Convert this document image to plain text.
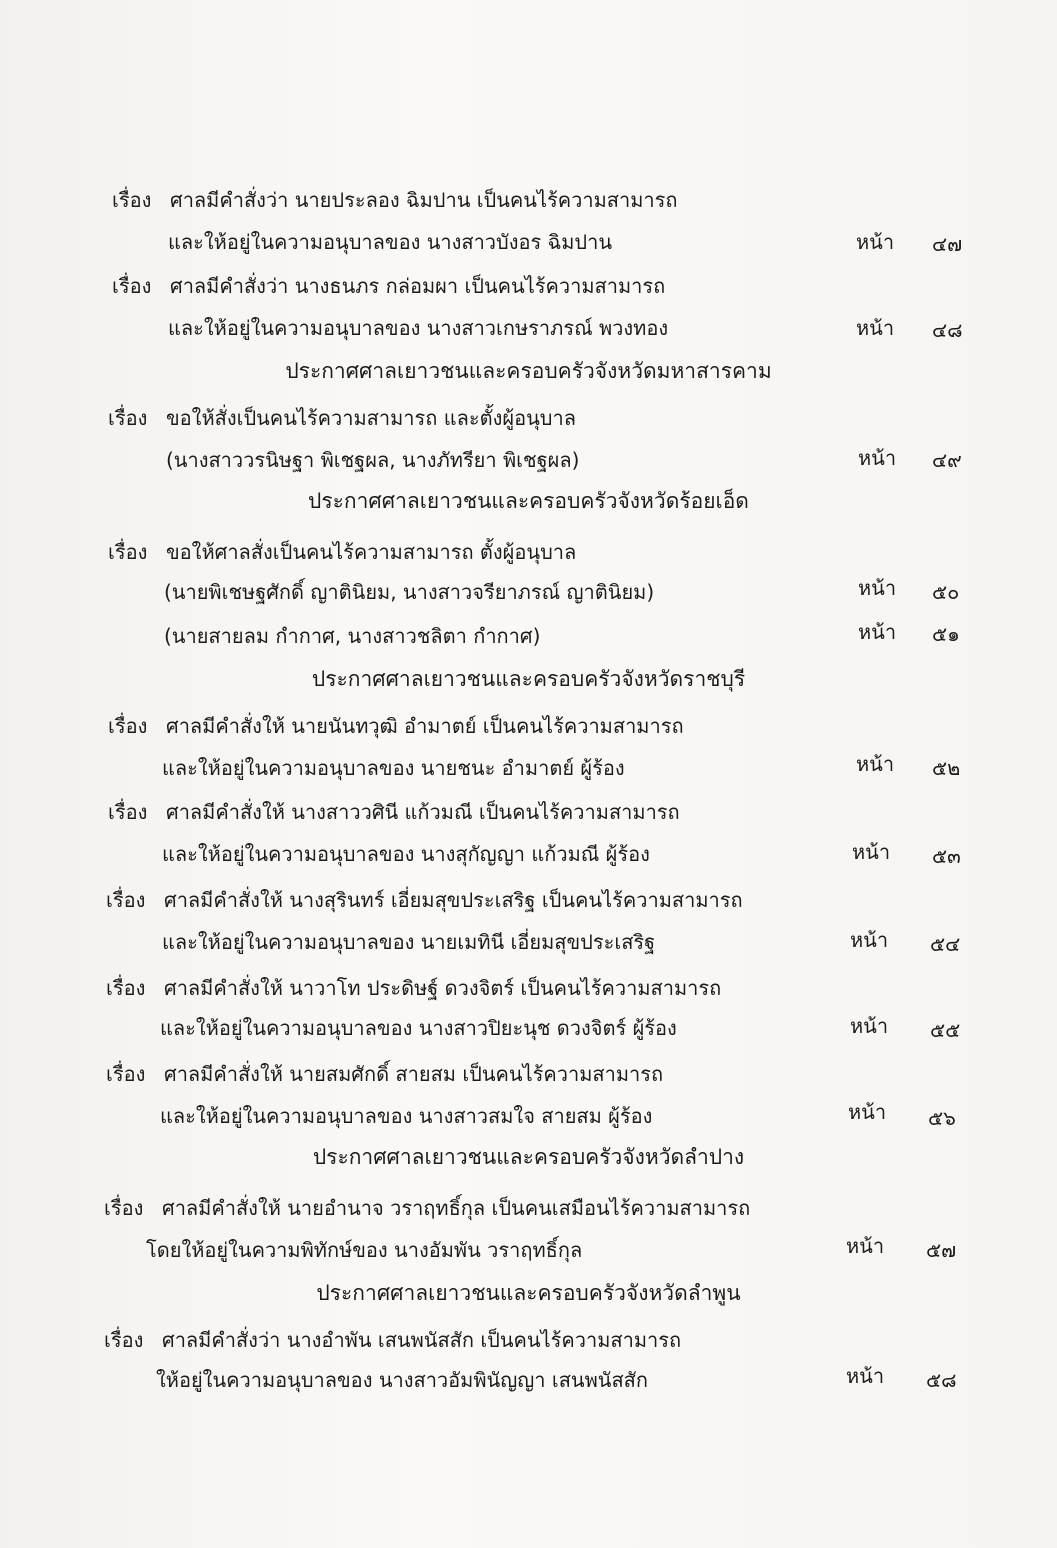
เรื่อง ศาลมีคำสั่งว่า นายประลอง ฉิมปาน เป็นคนไร้ความสามารถ
และให้อยู่ในความอนุบาลของ นางสาวบังอร ฉิมปาน	หน้า ๔๗
เรื่อง ศาลมีคำสั่งว่า นางธนภร กล่อมผา เป็นคนไร้ความสามารถ
และให้อยู่ในความอนุบาลของ นางสาวเกษราภรณ์ พวงทอง	หน้า ๔๘
ประกาศศาลเยาวชนและครอบครัวจังหวัดมหาสารคาม
เรื่อง ขอให้สั่งเป็นคนไร้ความสามารถ และตั้งผู้อนุบาล
(นางสาววรนิษฐา พิเชฐผล, นางภัทรียา พิเชฐผล)	หน้า ๔๙
ประกาศศาลเยาวชนและครอบครัวจังหวัดร้อยเอ็ด
เรื่อง ขอให้ศาลสั่งเป็นคนไร้ความสามารถ ตั้งผู้อนุบาล
(นายพิเชษฐศักดิ์ ญาตินิยม, นางสาวจรียาภรณ์ ญาตินิยม)	หน้า ๕๐
(นายสายลม กำกาศ, นางสาวชลิตา กำกาศ)	หน้า ๕๑
ประกาศศาลเยาวชนและครอบครัวจังหวัดราชบุรี
เรื่อง ศาลมีคำสั่งให้ นายนันทวุฒิ อำมาตย์ เป็นคนไร้ความสามารถ
และให้อยู่ในความอนุบาลของ นายชนะ อำมาตย์ ผู้ร้อง	หน้า ๕๒
เรื่อง ศาลมีคำสั่งให้ นางสาววศินี แก้วมณี เป็นคนไร้ความสามารถ
และให้อยู่ในความอนุบาลของ นางสุกัญญา แก้วมณี ผู้ร้อง	หน้า ๕๓
เรื่อง ศาลมีคำสั่งให้ นางสุรินทร์ เอี่ยมสุขประเสริฐ เป็นคนไร้ความสามารถ
และให้อยู่ในความอนุบาลของ นายเมทินี เอี่ยมสุขประเสริฐ	หน้า ๕๔
เรื่อง ศาลมีคำสั่งให้ นาวาโท ประดิษฐ์ ดวงจิตร์ เป็นคนไร้ความสามารถ
และให้อยู่ในความอนุบาลของ นางสาวปิยะนุช ดวงจิตร์ ผู้ร้อง	หน้า ๕๕
เรื่อง ศาลมีคำสั่งให้ นายสมศักดิ์ สายสม เป็นคนไร้ความสามารถ
และให้อยู่ในความอนุบาลของ นางสาวสมใจ สายสม ผู้ร้อง	หน้า ๕๖
ประกาศศาลเยาวชนและครอบครัวจังหวัดลำปาง
เรื่อง ศาลมีคำสั่งให้ นายอำนาจ วราฤทธิ์กุล เป็นคนเสมือนไร้ความสามารถ
โดยให้อยู่ในความพิทักษ์ของ นางอัมพัน วราฤทธิ์กุล	หน้า ๕๗
ประกาศศาลเยาวชนและครอบครัวจังหวัดลำพูน
เรื่อง ศาลมีคำสั่งว่า นางอำพัน เสนพนัสสัก เป็นคนไร้ความสามารถ
ให้อยู่ในความอนุบาลของ นางสาวอัมพินัญญา เสนพนัสสัก	หน้า ๕๘
